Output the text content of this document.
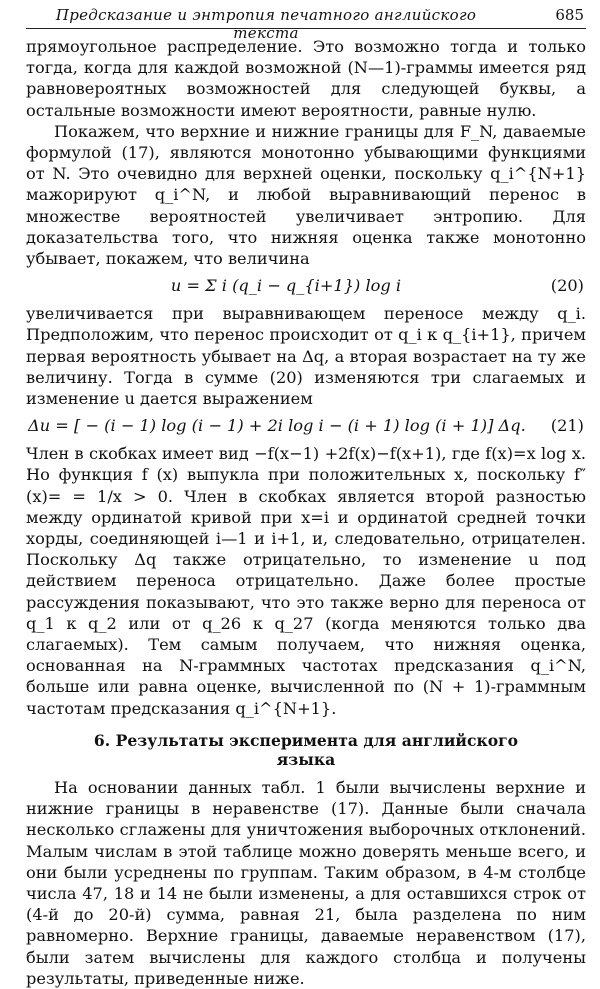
Предсказание и энтропия печатного английского текста
685

прямоугольное распределение. Это возможно тогда и только тогда, когда для каждой возможной (N—1)-граммы имеется ряд равновероятных возможностей для следующей буквы, а остальные возможности имеют вероятности, равные нулю.

Покажем, что верхние и нижние границы для F_N, даваемые формулой (17), являются монотонно убывающими функциями от N. Это очевидно для верхней оценки, поскольку q_i^{N+1} мажорируют q_i^N, и любой выравнивающий перенос в множестве вероятностей увеличивает энтропию. Для доказательства того, что нижняя оценка также монотонно убывает, покажем, что величина

u = Σ i (q_i − q_{i+1}) log i	(20)

увеличивается при выравнивающем переносе между q_i. Предположим, что перенос происходит от q_i к q_{i+1}, причем первая вероятность убывает на Δq, а вторая возрастает на ту же величину. Тогда в сумме (20) изменяются три слагаемых и изменение u дается выражением

Δu = [ − (i − 1) log (i − 1) + 2i log i − (i + 1) log (i + 1)] Δq.	(21)

Член в скобках имеет вид −f(x−1) +2f(x)−f(x+1), где f(x)=x log x. Но функция f (x) выпукла при положительных x, поскольку f″(x)= = 1/x > 0. Член в скобках является второй разностью между ординатой кривой при x=i и ординатой средней точки хорды, соединяющей i—1 и i+1, и, следовательно, отрицателен. Поскольку Δq также отрицательно, то изменение u под действием переноса отрицательно. Даже более простые рассуждения показывают, что это также верно для переноса от q_1 к q_2 или от q_26 к q_27 (когда меняются только два слагаемых). Тем самым получаем, что нижняя оценка, основанная на N-граммных частотах предсказания q_i^N, больше или равна оценке, вычисленной по (N + 1)-граммным частотам предсказания q_i^{N+1}.

6. Результаты эксперимента для английского
языка

На основании данных табл. 1 были вычислены верхние и нижние границы в неравенстве (17). Данные были сначала несколько сглажены для уничтожения выборочных отклонений. Малым числам в этой таблице можно доверять меньше всего, и они были усреднены по группам. Таким образом, в 4-м столбце числа 47, 18 и 14 не были изменены, а для оставшихся строк от (4-й до 20-й) сумма, равная 21, была разделена по ним равномерно. Верхние границы, даваемые неравенством (17), были затем вычислены для каждого столбца и получены результаты, приведенные ниже.
